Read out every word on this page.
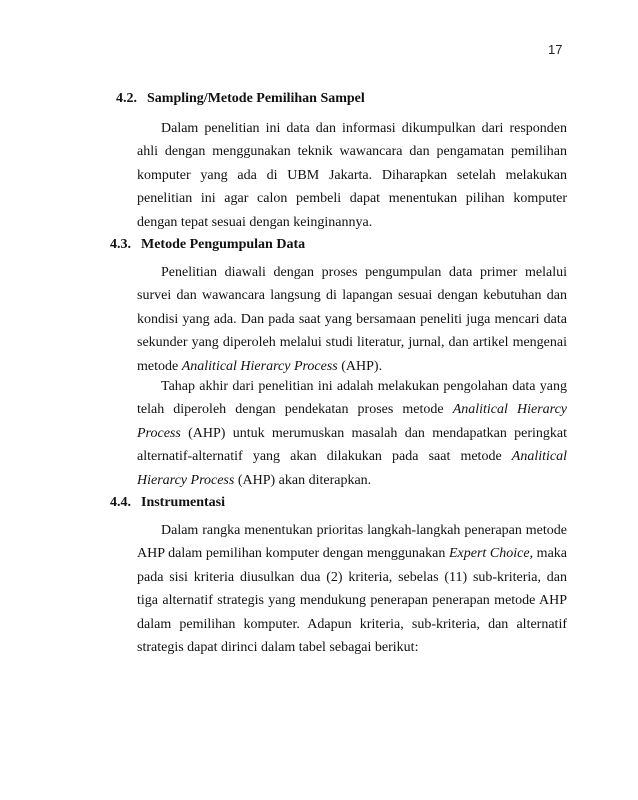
17
4.2. Sampling/Metode Pemilihan Sampel

Dalam penelitian ini data dan informasi dikumpulkan dari responden ahli dengan menggunakan teknik wawancara dan pengamatan pemilihan komputer yang ada di UBM Jakarta. Diharapkan setelah melakukan penelitian ini agar calon pembeli dapat menentukan pilihan komputer dengan tepat sesuai dengan keinginannya.

4.3. Metode Pengumpulan Data

Penelitian diawali dengan proses pengumpulan data primer melalui survei dan wawancara langsung di lapangan sesuai dengan kebutuhan dan kondisi yang ada. Dan pada saat yang bersamaan peneliti juga mencari data sekunder yang diperoleh melalui studi literatur, jurnal, dan artikel mengenai metode Analitical Hierarcy Process (AHP).

Tahap akhir dari penelitian ini adalah melakukan pengolahan data yang telah diperoleh dengan pendekatan proses metode Analitical Hierarcy Process (AHP) untuk merumuskan masalah dan mendapatkan peringkat alternatif-alternatif yang akan dilakukan pada saat metode Analitical Hierarcy Process (AHP) akan diterapkan.

4.4. Instrumentasi

Dalam rangka menentukan prioritas langkah-langkah penerapan metode AHP dalam pemilihan komputer dengan menggunakan Expert Choice, maka pada sisi kriteria diusulkan dua (2) kriteria, sebelas (11) sub-kriteria, dan tiga alternatif strategis yang mendukung penerapan penerapan metode AHP dalam pemilihan komputer. Adapun kriteria, sub-kriteria, dan alternatif strategis dapat dirinci dalam tabel sebagai berikut:
